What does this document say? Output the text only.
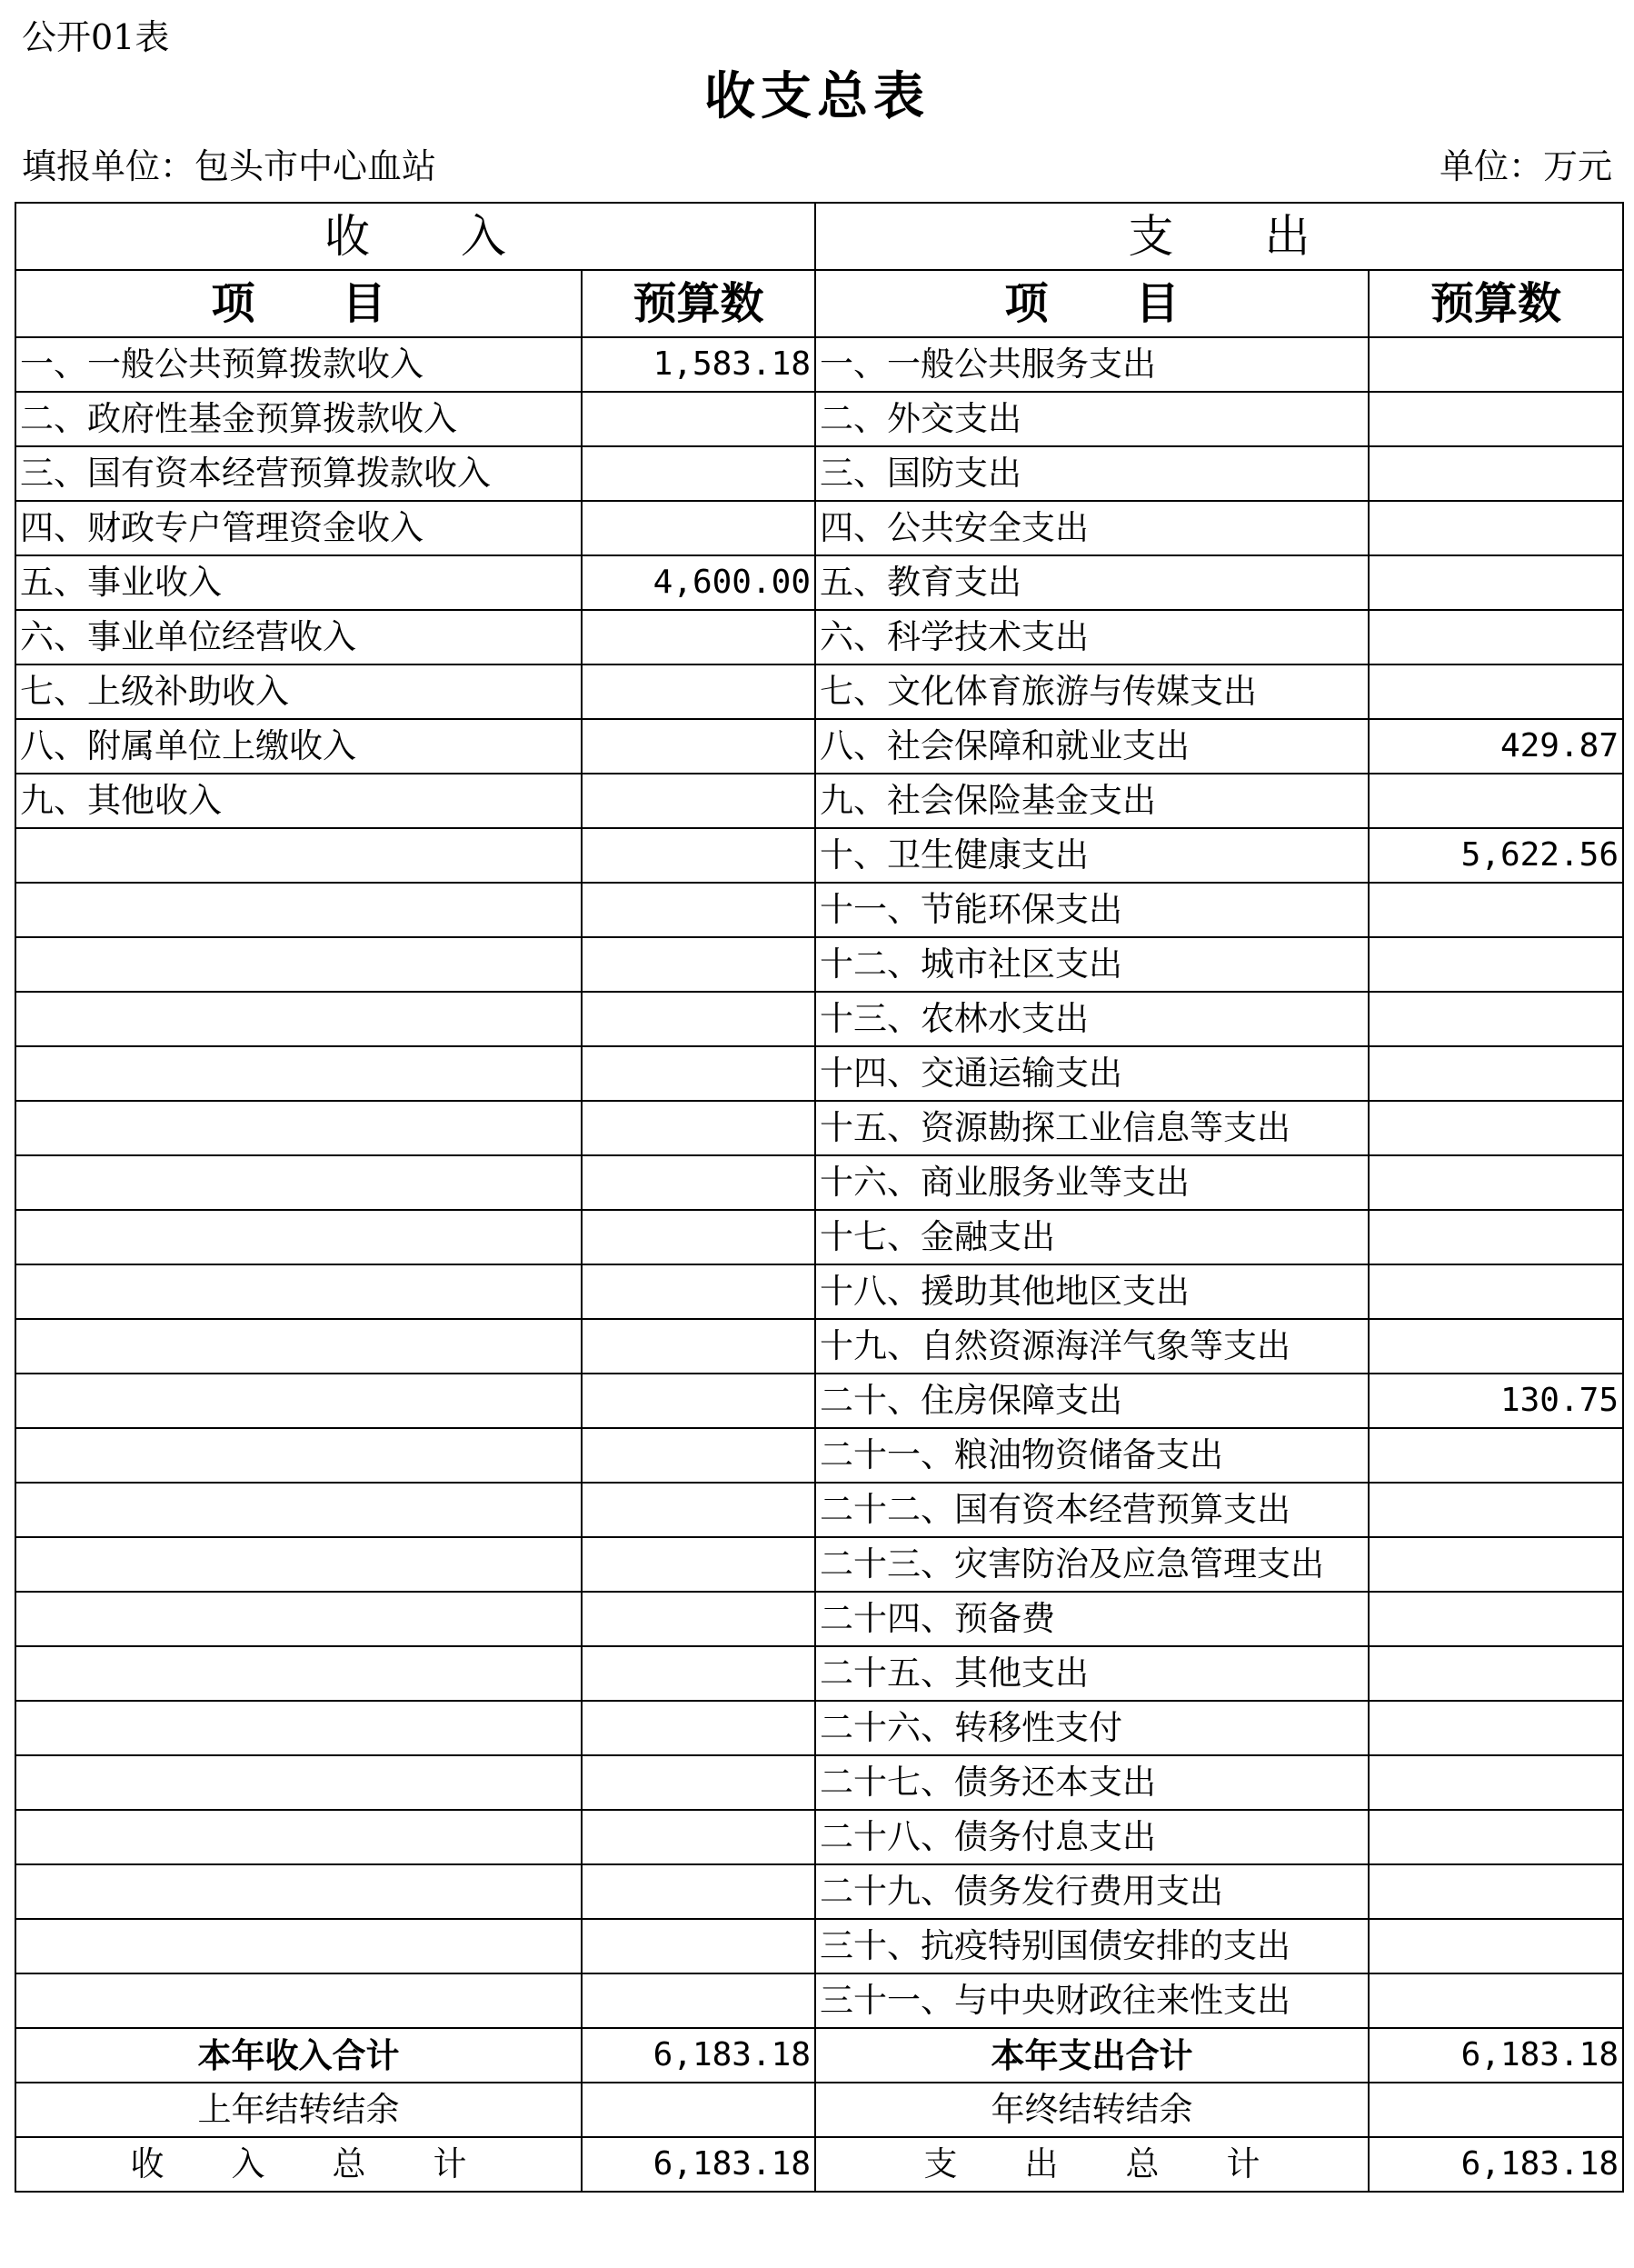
公开01表
收支总表
填报单位：包头市中心血站	单位：万元
收　　入		支　　出	
项　　目	预算数	项　　目	预算数
一、一般公共预算拨款收入	1,583.18	一、一般公共服务支出	
二、政府性基金预算拨款收入		二、外交支出	
三、国有资本经营预算拨款收入		三、国防支出	
四、财政专户管理资金收入		四、公共安全支出	
五、事业收入	4,600.00	五、教育支出	
六、事业单位经营收入		六、科学技术支出	
七、上级补助收入		七、文化体育旅游与传媒支出	
八、附属单位上缴收入		八、社会保障和就业支出	429.87
九、其他收入		九、社会保险基金支出	
		十、卫生健康支出	5,622.56
		十一、节能环保支出	
		十二、城市社区支出	
		十三、农林水支出	
		十四、交通运输支出	
		十五、资源勘探工业信息等支出	
		十六、商业服务业等支出	
		十七、金融支出	
		十八、援助其他地区支出	
		十九、自然资源海洋气象等支出	
		二十、住房保障支出	130.75
		二十一、粮油物资储备支出	
		二十二、国有资本经营预算支出	
		二十三、灾害防治及应急管理支出	
		二十四、预备费	
		二十五、其他支出	
		二十六、转移性支付	
		二十七、债务还本支出	
		二十八、债务付息支出	
		二十九、债务发行费用支出	
		三十、抗疫特别国债安排的支出	
		三十一、与中央财政往来性支出	
本年收入合计	6,183.18	本年支出合计	6,183.18
上年结转结余		年终结转结余	
收　　入　　总　　计	6,183.18	支　　出　　总　　计	6,183.18
